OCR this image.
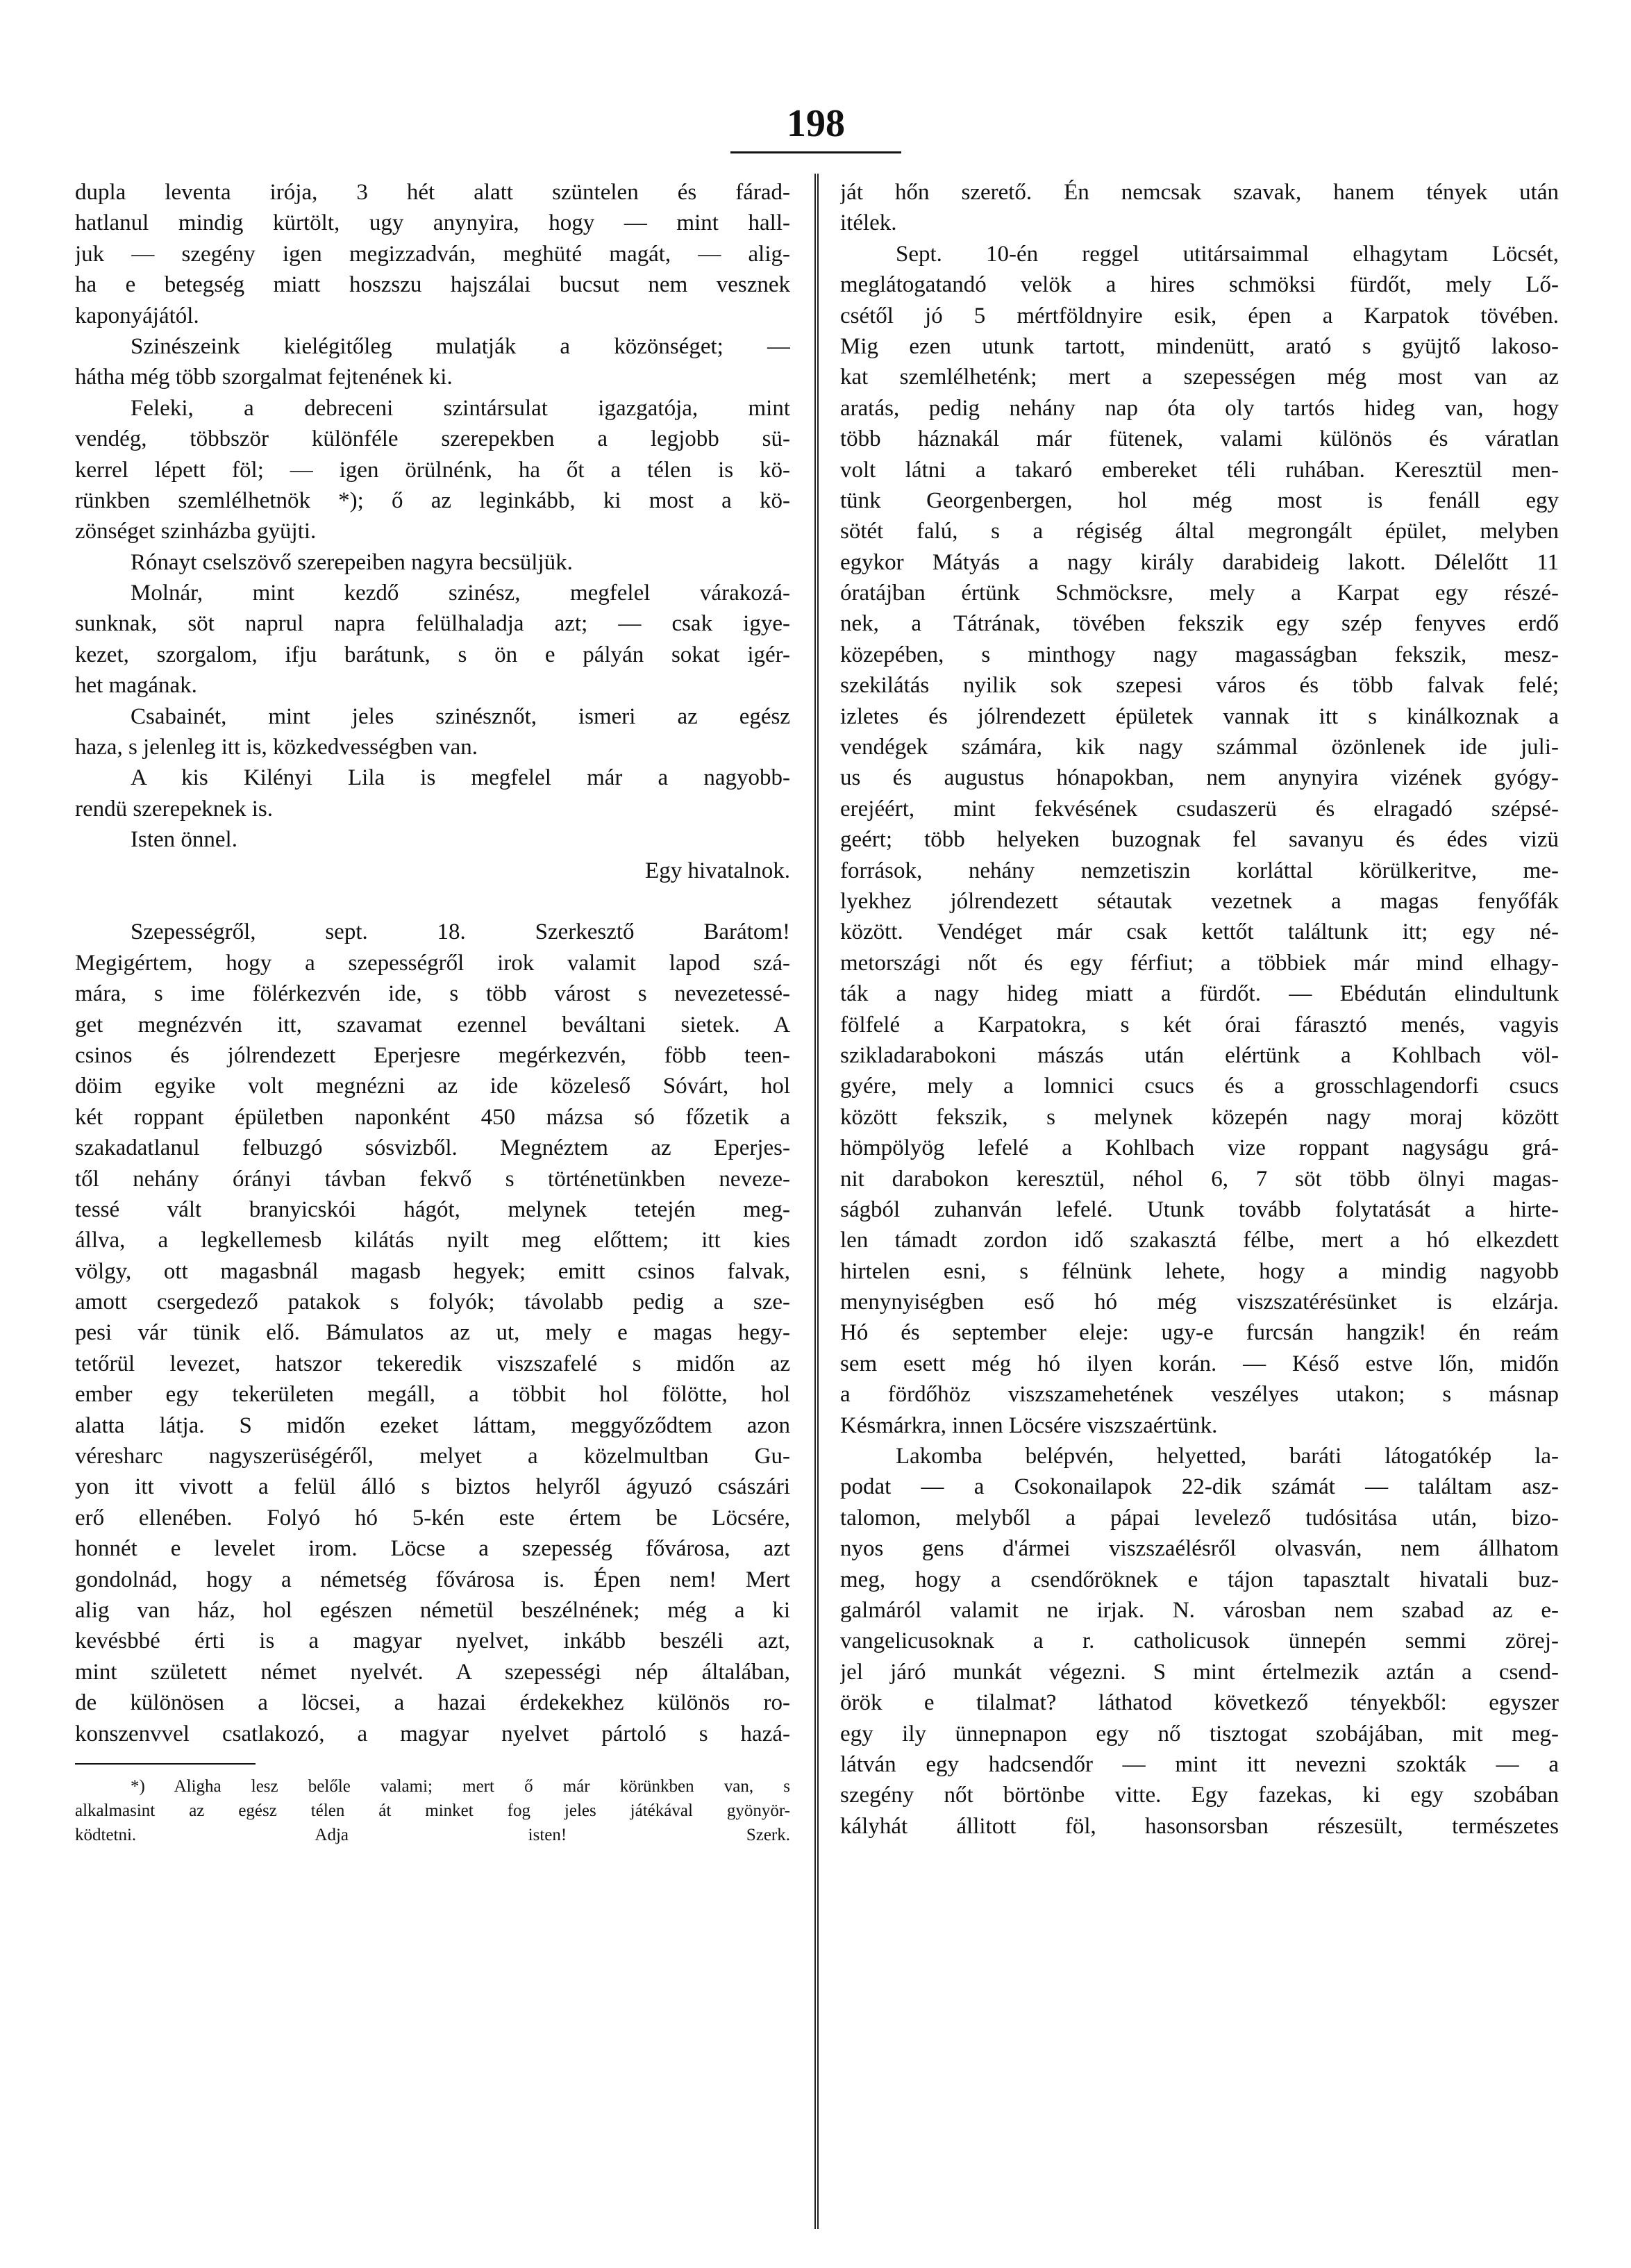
198
dupla leventa irója, 3 hét alatt szüntelen és fárad-
hatlanul mindig kürtölt, ugy anynyira, hogy — mint hall-
juk — szegény igen megizzadván, meghüté magát, — alig-
ha e betegség miatt hoszszu hajszálai bucsut nem vesznek
kaponyájától.
Szinészeink kielégitőleg mulatják a közönséget; —
hátha még több szorgalmat fejtenének ki.
Feleki, a debreceni szintársulat igazgatója, mint
vendég, többször különféle szerepekben a legjobb sü-
kerrel lépett föl; — igen örülnénk, ha őt a télen is kö-
rünkben szemlélhetnök *); ő az leginkább, ki most a kö-
zönséget szinházba gyüjti.
Rónayt cselszövő szerepeiben nagyra becsüljük.
Molnár, mint kezdő szinész, megfelel várakozá-
sunknak, söt naprul napra felülhaladja azt; — csak igye-
kezet, szorgalom, ifju barátunk, s ön e pályán sokat igér-
het magának.
Csabainét, mint jeles szinésznőt, ismeri az egész
haza, s jelenleg itt is, közkedvességben van.
A kis Kilényi Lila is megfelel már a nagyobb-
rendü szerepeknek is.
Isten önnel.
Egy hivatalnok.

Szepességről, sept. 18. Szerkesztő Barátom!
Megigértem, hogy a szepességről irok valamit lapod szá-
mára, s ime fölérkezvén ide, s több várost s nevezetessé-
get megnézvén itt, szavamat ezennel beváltani sietek. A
csinos és jólrendezett Eperjesre megérkezvén, föbb teen-
döim egyike volt megnézni az ide közeleső Sóvárt, hol
két roppant épületben naponként 450 mázsa só főzetik a
szakadatlanul felbuzgó sósvizből. Megnéztem az Eperjes-
től nehány órányi távban fekvő s történetünkben neveze-
tessé vált branyicskói hágót, melynek tetején meg-
állva, a legkellemesb kilátás nyilt meg előttem; itt kies
völgy, ott magasbnál magasb hegyek; emitt csinos falvak,
amott csergedező patakok s folyók; távolabb pedig a sze-
pesi vár tünik elő. Bámulatos az ut, mely e magas hegy-
tetőrül levezet, hatszor tekeredik viszszafelé s midőn az
ember egy tekerületen megáll, a többit hol fölötte, hol
alatta látja. S midőn ezeket láttam, meggyőződtem azon
véresharc nagyszerüségéről, melyet a közelmultban Gu-
yon itt vivott a felül álló s biztos helyről ágyuzó császári
erő ellenében. Folyó hó 5-kén este értem be Löcsére,
honnét e levelet irom. Löcse a szepesség fővárosa, azt
gondolnád, hogy a németség fővárosa is. Épen nem! Mert
alig van ház, hol egészen németül beszélnének; még a ki
kevésbbé érti is a magyar nyelvet, inkább beszéli azt,
mint született német nyelvét. A szepességi nép általában,
de különösen a löcsei, a hazai érdekekhez különös ro-
konszenvvel csatlakozó, a magyar nyelvet pártoló s hazá-
*) Aligha lesz belőle valami; mert ő már körünkben van, s
alkalmasint az egész télen át minket fog jeles játékával gyönyör-
ködtetni. Adja isten! Szerk.
ját hőn szerető. Én nemcsak szavak, hanem tények után
itélek.
Sept. 10-én reggel utitársaimmal elhagytam Löcsét,
meglátogatandó velök a hires schmöksi fürdőt, mely Lő-
csétől jó 5 mértföldnyire esik, épen a Karpatok tövében.
Mig ezen utunk tartott, mindenütt, arató s gyüjtő lakoso-
kat szemlélheténk; mert a szepességen még most van az
aratás, pedig nehány nap óta oly tartós hideg van, hogy
több háznakál már fütenek, valami különös és váratlan
volt látni a takaró embereket téli ruhában. Keresztül men-
tünk Georgenbergen, hol még most is fenáll egy
sötét falú, s a régiség által megrongált épület, melyben
egykor Mátyás a nagy király darabideig lakott. Délelőtt 11
óratájban értünk Schmöcksre, mely a Karpat egy részé-
nek, a Tátrának, tövében fekszik egy szép fenyves erdő
közepében, s minthogy nagy magasságban fekszik, mesz-
szekilátás nyilik sok szepesi város és több falvak felé;
izletes és jólrendezett épületek vannak itt s kinálkoznak a
vendégek számára, kik nagy számmal özönlenek ide juli-
us és augustus hónapokban, nem anynyira vizének gyógy-
erejéért, mint fekvésének csudaszerü és elragadó szépsé-
geért; több helyeken buzognak fel savanyu és édes vizü
források, nehány nemzetiszin korláttal körülkeritve, me-
lyekhez jólrendezett sétautak vezetnek a magas fenyőfák
között. Vendéget már csak kettőt találtunk itt; egy né-
metországi nőt és egy férfiut; a többiek már mind elhagy-
ták a nagy hideg miatt a fürdőt. — Ebédután elindultunk
fölfelé a Karpatokra, s két órai fárasztó menés, vagyis
szikladarabokoni mászás után elértünk a Kohlbach völ-
gyére, mely a lomnici csucs és a grosschlagendorfi csucs
között fekszik, s melynek közepén nagy moraj között
hömpölyög lefelé a Kohlbach vize roppant nagyságu grá-
nit darabokon keresztül, néhol 6, 7 söt több ölnyi magas-
ságból zuhanván lefelé. Utunk tovább folytatását a hirte-
len támadt zordon idő szakasztá félbe, mert a hó elkezdett
hirtelen esni, s félnünk lehete, hogy a mindig nagyobb
menynyiségben eső hó még viszszatérésünket is elzárja.
Hó és september eleje: ugy-e furcsán hangzik! én reám
sem esett még hó ilyen korán. — Késő estve lőn, midőn
a fördőhöz viszszamehetének veszélyes utakon; s másnap
Késmárkra, innen Löcsére viszszaértünk.
Lakomba belépvén, helyetted, baráti látogatókép la-
podat — a Csokonailapok 22-dik számát — találtam asz-
talomon, melyből a pápai levelező tudósitása után, bizo-
nyos gens d'ármei viszszaélésről olvasván, nem állhatom
meg, hogy a csendőröknek e tájon tapasztalt hivatali buz-
galmáról valamit ne irjak. N. városban nem szabad az e-
vangelicusoknak a r. catholicusok ünnepén semmi zörej-
jel járó munkát végezni. S mint értelmezik aztán a csend-
örök e tilalmat? láthatod következő tényekből: egyszer
egy ily ünnepnapon egy nő tisztogat szobájában, mit meg-
látván egy hadcsendőr — mint itt nevezni szokták — a
szegény nőt börtönbe vitte. Egy fazekas, ki egy szobában
kályhát állitott föl, hasonsorsban részesült, természetes
